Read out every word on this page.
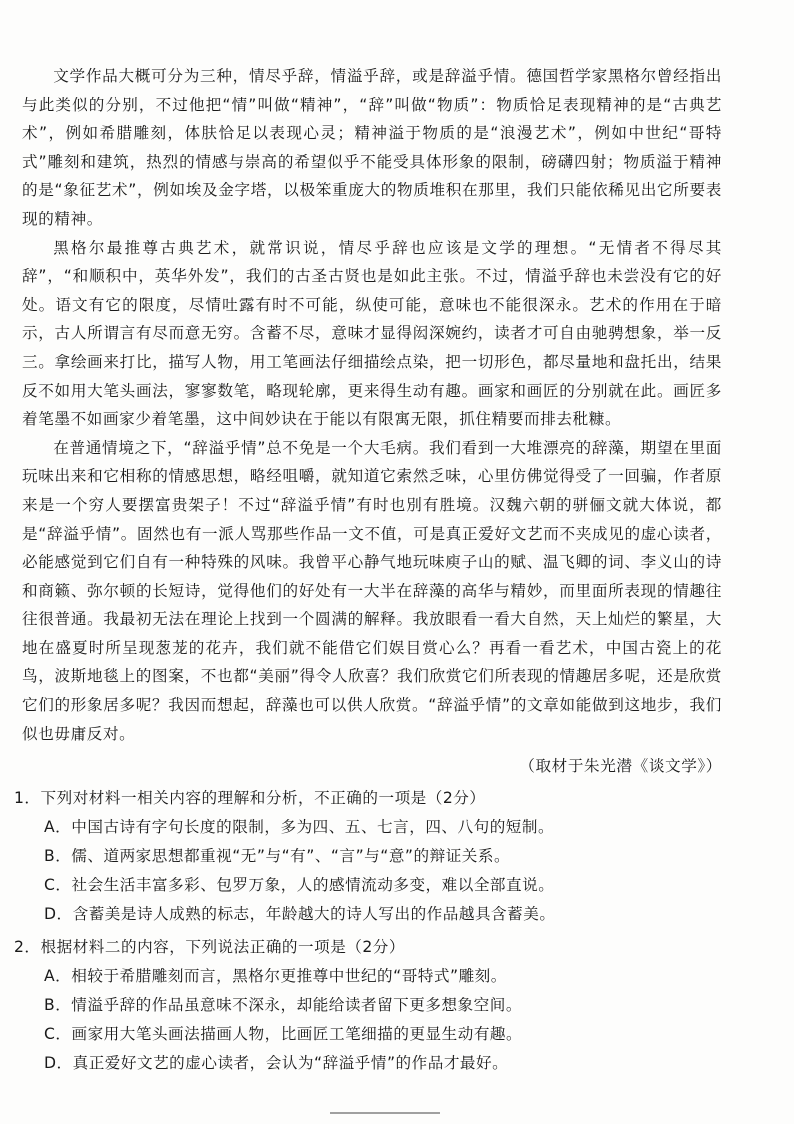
文学作品大概可分为三种，情尽乎辞，情溢乎辞，或是辞溢乎情。德国哲学家黑格尔曾经指出与此类似的分别，不过他把“情”叫做“精神”，“辞”叫做“物质”：物质恰足表现精神的是“古典艺术”，例如希腊雕刻，体肤恰足以表现心灵；精神溢于物质的是“浪漫艺术”，例如中世纪“哥特式”雕刻和建筑，热烈的情感与崇高的希望似乎不能受具体形象的限制，磅礴四射；物质溢于精神的是“象征艺术”，例如埃及金字塔，以极笨重庞大的物质堆积在那里，我们只能依稀见出它所要表现的精神。

黑格尔最推尊古典艺术，就常识说，情尽乎辞也应该是文学的理想。“无情者不得尽其辞”，“和顺积中，英华外发”，我们的古圣古贤也是如此主张。不过，情溢乎辞也未尝没有它的好处。语文有它的限度，尽情吐露有时不可能，纵使可能，意味也不能很深永。艺术的作用在于暗示，古人所谓言有尽而意无穷。含蓄不尽，意味才显得闳深婉约，读者才可自由驰骋想象，举一反三。拿绘画来打比，描写人物，用工笔画法仔细描绘点染，把一切形色，都尽量地和盘托出，结果反不如用大笔头画法，寥寥数笔，略现轮廓，更来得生动有趣。画家和画匠的分别就在此。画匠多着笔墨不如画家少着笔墨，这中间妙诀在于能以有限寓无限，抓住精要而排去秕糠。

在普通情境之下，“辞溢乎情”总不免是一个大毛病。我们看到一大堆漂亮的辞藻，期望在里面玩味出来和它相称的情感思想，略经咀嚼，就知道它索然乏味，心里仿佛觉得受了一回骗，作者原来是一个穷人要摆富贵架子！不过“辞溢乎情”有时也別有胜境。汉魏六朝的骈俪文就大体说，都是“辞溢乎情”。固然也有一派人骂那些作品一文不值，可是真正爱好文艺而不夹成见的虚心读者，必能感觉到它们自有一种特殊的风味。我曾平心静气地玩味庾子山的赋、温飞卿的词、李义山的诗和商籁、弥尔顿的长短诗，觉得他们的好处有一大半在辞藻的高华与精妙，而里面所表现的情趣往往很普通。我最初无法在理论上找到一个圆满的解释。我放眼看一看大自然，天上灿烂的繁星，大地在盛夏时所呈现葱茏的花卉，我们就不能借它们娱目赏心么？再看一看艺术，中国古瓷上的花鸟，波斯地毯上的图案，不也都“美丽”得令人欣喜？我们欣赏它们所表现的情趣居多呢，还是欣赏它们的形象居多呢？我因而想起，辞藻也可以供人欣赏。“辞溢乎情”的文章如能做到这地步，我们似也毋庸反对。

（取材于朱光潜《谈文学》）
1．下列对材料一相关内容的理解和分析，不正确的一项是（2分）
A．中国古诗有字句长度的限制，多为四、五、七言，四、八句的短制。
B．儒、道两家思想都重视“无”与“有”、“言”与“意”的辩证关系。
C．社会生活丰富多彩、包罗万象，人的感情流动多变，难以全部直说。
D．含蓄美是诗人成熟的标志，年龄越大的诗人写出的作品越具含蓄美。
2．根据材料二的内容，下列说法正确的一项是（2分）
A．相较于希腊雕刻而言，黑格尔更推尊中世纪的“哥特式”雕刻。
B．情溢乎辞的作品虽意味不深永，却能给读者留下更多想象空间。
C．画家用大笔头画法描画人物，比画匠工笔细描的更显生动有趣。
D．真正爱好文艺的虚心读者，会认为“辞溢乎情”的作品才最好。
